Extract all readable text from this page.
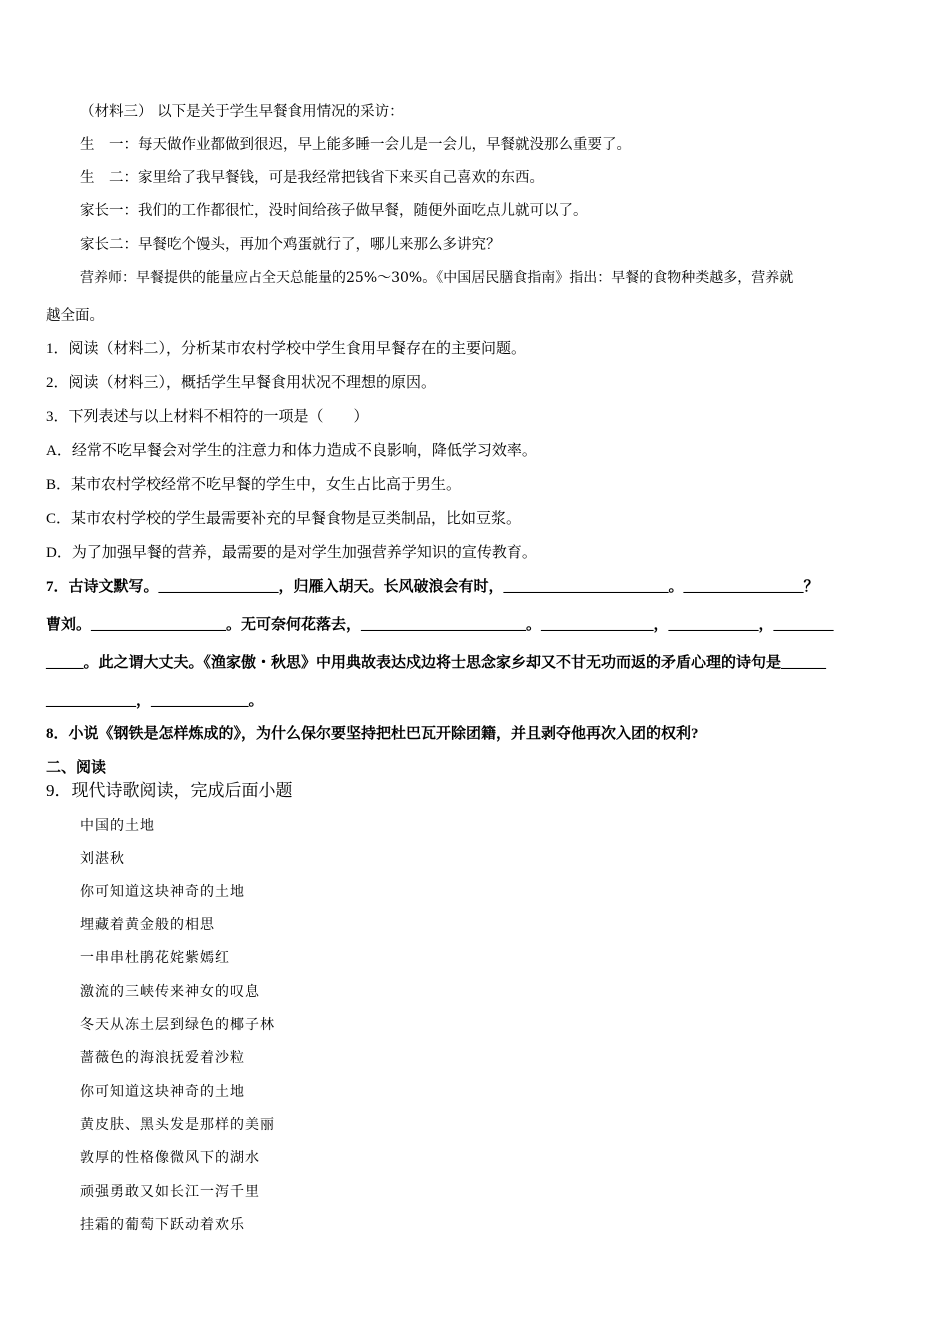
（材料三） 以下是关于学生早餐食用情况的采访：
生　一：每天做作业都做到很迟，早上能多睡一会儿是一会儿，早餐就没那么重要了。
生　二：家里给了我早餐钱，可是我经常把钱省下来买自己喜欢的东西。
家长一：我们的工作都很忙，没时间给孩子做早餐，随便外面吃点儿就可以了。
家长二：早餐吃个馒头，再加个鸡蛋就行了，哪儿来那么多讲究？
营养师：早餐提供的能量应占全天总能量的25%～30%。《中国居民膳食指南》指出：早餐的食物种类越多，营养就
越全面。
1．阅读（材料二），分析某市农村学校中学生食用早餐存在的主要问题。
2．阅读（材料三），概括学生早餐食用状况不理想的原因。
3．下列表述与以上材料不相符的一项是（　　）
A．经常不吃早餐会对学生的注意力和体力造成不良影响，降低学习效率。
B．某市农村学校经常不吃早餐的学生中，女生占比高于男生。
C．某市农村学校的学生最需要补充的早餐食物是豆类制品，比如豆浆。
D．为了加强早餐的营养，最需要的是对学生加强营养学知识的宣传教育。
7．古诗文默写。________________，归雁入胡天。长风破浪会有时，______________________。________________？
曹刘。__________________。无可奈何花落去，______________________。_______________，____________，________
_____。此之谓大丈夫。《渔家傲・秋思》中用典故表达戍边将士思念家乡却又不甘无功而返的矛盾心理的诗句是______
____________，_____________。
8．小说《钢铁是怎样炼成的》，为什么保尔要坚持把杜巴瓦开除团籍，并且剥夺他再次入团的权利?
二、阅读
9．现代诗歌阅读，完成后面小题
中国的土地
刘湛秋
你可知道这块神奇的土地
埋藏着黄金般的相思
一串串杜鹃花姹紫嫣红
激流的三峡传来神女的叹息
冬天从冻土层到绿色的椰子林
蔷薇色的海浪抚爱着沙粒
你可知道这块神奇的土地
黄皮肤、黑头发是那样的美丽
敦厚的性格像微风下的湖水
顽强勇敢又如长江一泻千里
挂霜的葡萄下跃动着欢乐
